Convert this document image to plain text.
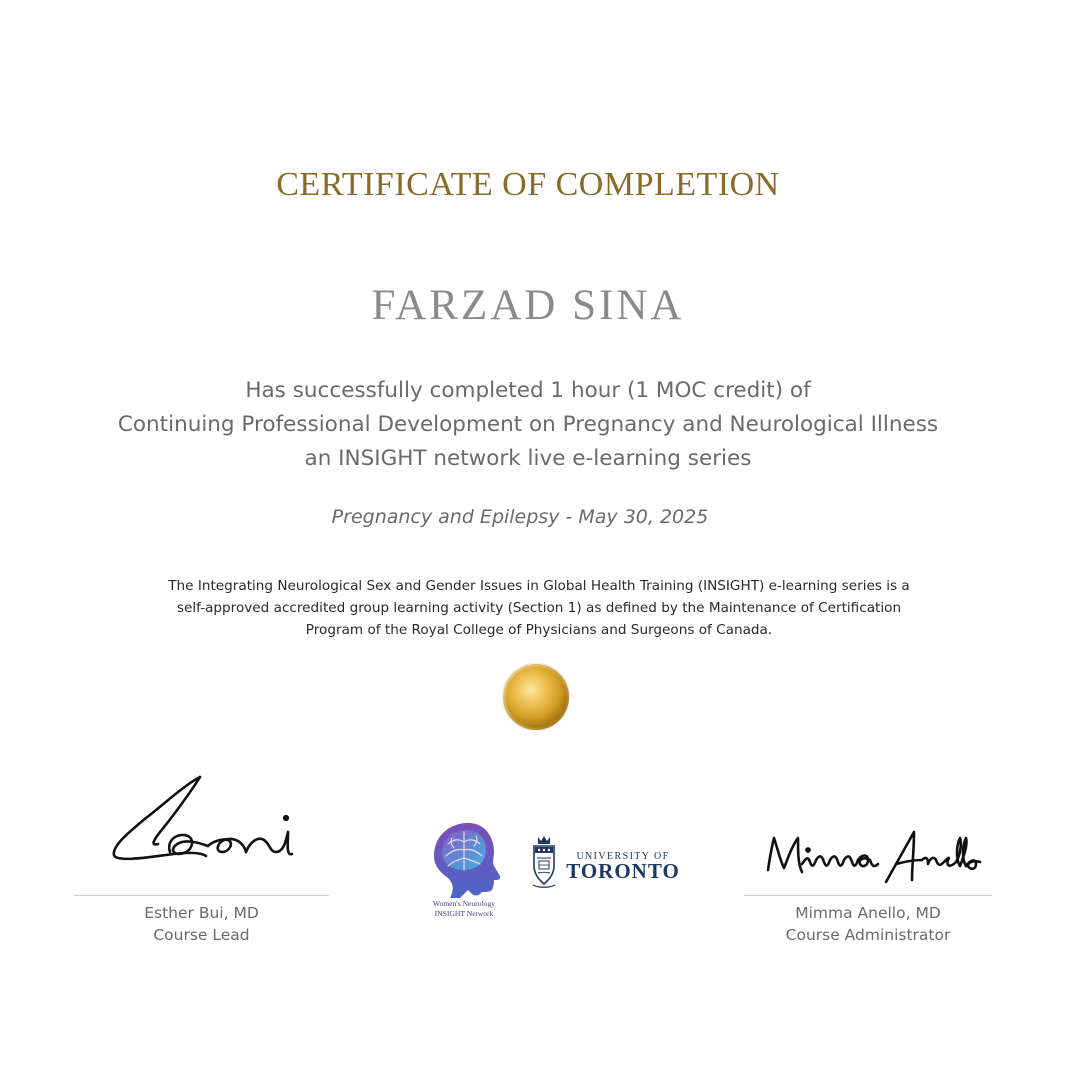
CERTIFICATE OF COMPLETION
FARZAD SINA
Has successfully completed 1 hour (1 MOC credit) of
Continuing Professional Development on Pregnancy and Neurological Illness
an INSIGHT network live e-learning series
Pregnancy and Epilepsy - May 30, 2025
The Integrating Neurological Sex and Gender Issues in Global Health Training (INSIGHT) e-learning series is a
self-approved accredited group learning activity (Section 1) as defined by the Maintenance of Certification
Program of the Royal College of Physicians and Surgeons of Canada.
Esther Bui, MD
Course Lead
Mimma Anello, MD
Course Administrator
Women's Neurology
INSIGHT Network
UNIVERSITY OF
TORONTO
